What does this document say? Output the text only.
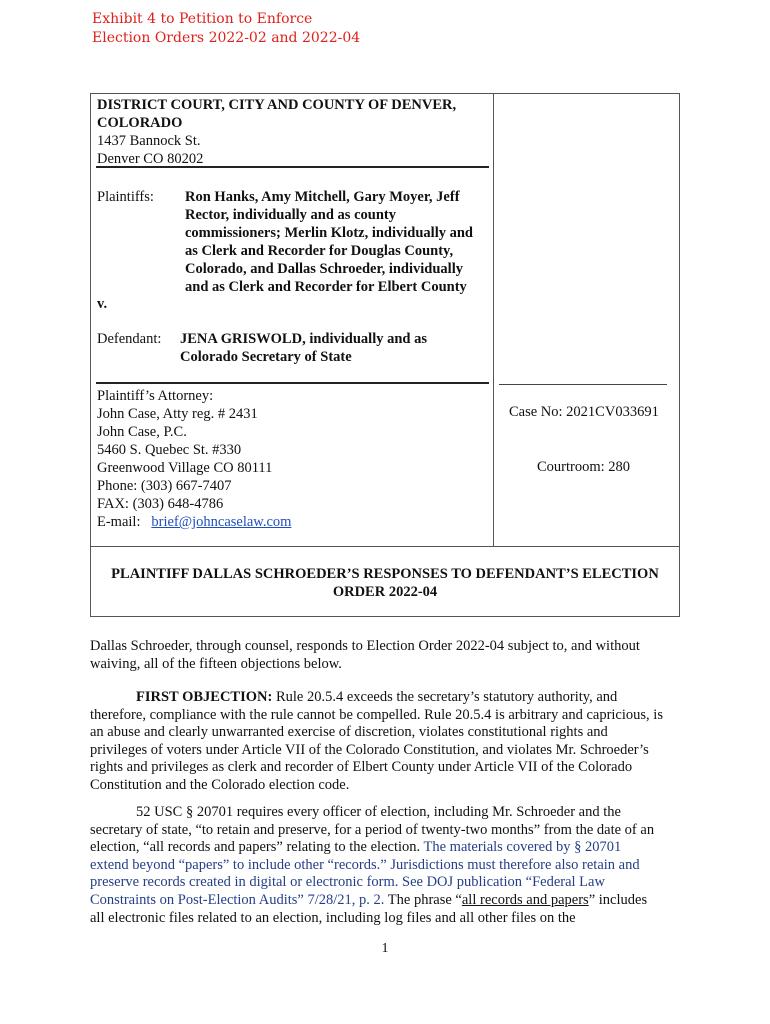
Exhibit 4 to Petition to Enforce
Election Orders 2022-02 and 2022-04
DISTRICT COURT, CITY AND COUNTY OF DENVER,
COLORADO
1437 Bannock St.
Denver CO 80202
Plaintiffs: Ron Hanks, Amy Mitchell, Gary Moyer, Jeff
Rector, individually and as county
commissioners; Merlin Klotz, individually and
as Clerk and Recorder for Douglas County,
Colorado, and Dallas Schroeder, individually
and as Clerk and Recorder for Elbert County
v.
Defendant: JENA GRISWOLD, individually and as
Colorado Secretary of State
Plaintiff’s Attorney:
John Case, Atty reg. # 2431
John Case, P.C.
5460 S. Quebec St. #330
Greenwood Village CO 80111
Phone: (303) 667-7407
FAX: (303) 648-4786
E-mail: brief@johncaselaw.com
Case No: 2021CV033691
Courtroom: 280
PLAINTIFF DALLAS SCHROEDER’S RESPONSES TO DEFENDANT’S ELECTION
ORDER 2022-04
Dallas Schroeder, through counsel, responds to Election Order 2022-04 subject to, and without
waiving, all of the fifteen objections below.
FIRST OBJECTION: Rule 20.5.4 exceeds the secretary’s statutory authority, and
therefore, compliance with the rule cannot be compelled. Rule 20.5.4 is arbitrary and capricious, is
an abuse and clearly unwarranted exercise of discretion, violates constitutional rights and
privileges of voters under Article VII of the Colorado Constitution, and violates Mr. Schroeder’s
rights and privileges as clerk and recorder of Elbert County under Article VII of the Colorado
Constitution and the Colorado election code.
52 USC § 20701 requires every officer of election, including Mr. Schroeder and the
secretary of state, “to retain and preserve, for a period of twenty-two months” from the date of an
election, “all records and papers” relating to the election. The materials covered by § 20701
extend beyond “papers” to include other “records.” Jurisdictions must therefore also retain and
preserve records created in digital or electronic form. See DOJ publication “Federal Law
Constraints on Post-Election Audits” 7/28/21, p. 2. The phrase “all records and papers” includes
all electronic files related to an election, including log files and all other files on the
1
